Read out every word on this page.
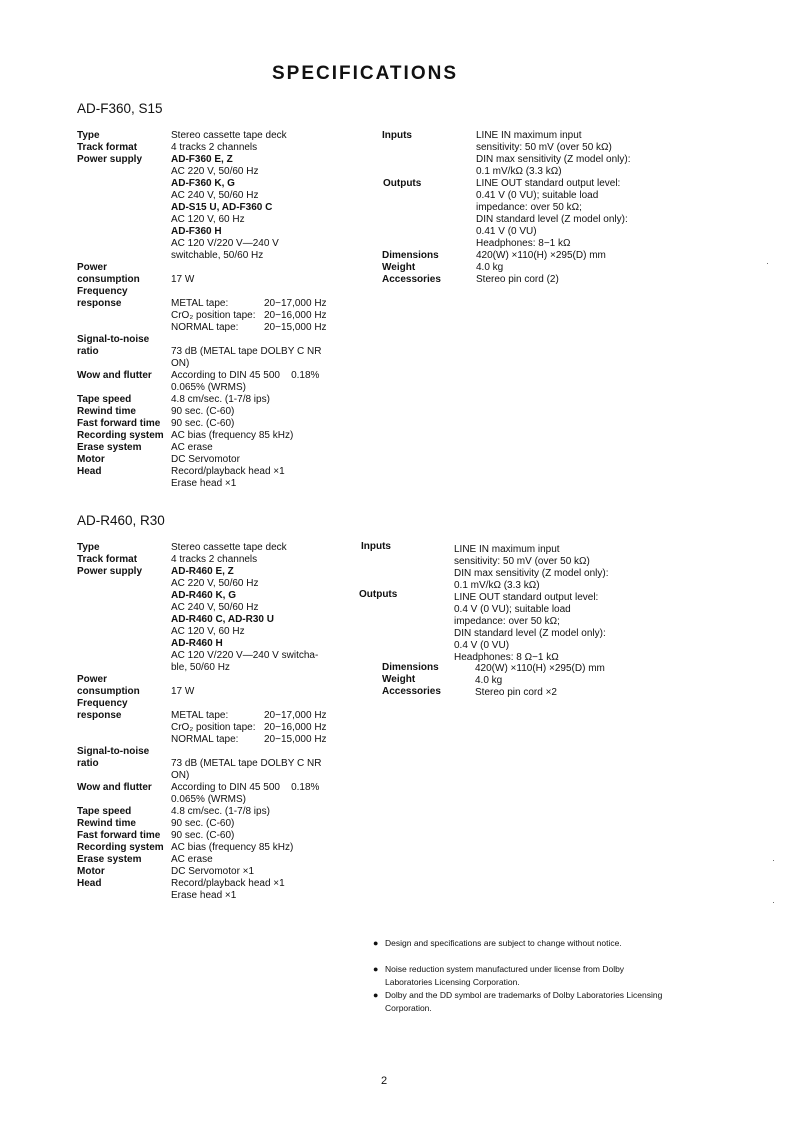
SPECIFICATIONS
AD-F360, S15
Type	Stereo cassette tape deck
Track format	4 tracks 2 channels
Power supply	AD-F360 E, Z
AC 220 V, 50/60 Hz
AD-F360 K, G
AC 240 V, 50/60 Hz
AD-S15 U, AD-F360 C
AC 120 V, 60 Hz
AD-F360 H
AC 120 V/220 V—240 V
switchable, 50/60 Hz
Power
consumption	17 W
Frequency
response	METAL tape:	20−17,000 Hz
CrO₂ position tape: 20−16,000 Hz
NORMAL tape:	20−15,000 Hz
Signal-to-noise
ratio	73 dB (METAL tape DOLBY C NR
ON)
Wow and flutter According to DIN 45 500    0.18%
0.065% (WRMS)
Tape speed	4.8 cm/sec. (1-7/8 ips)
Rewind time	90 sec. (C-60)
Fast forward time 90 sec. (C-60)
Recording system AC bias (frequency 85 kHz)
Erase system	AC erase
Motor	DC Servomotor
Head	Record/playback head ×1
Erase head ×1
Inputs	LINE IN maximum input
sensitivity: 50 mV (over 50 kΩ)
DIN max sensitivity (Z model only):
0.1 mV/kΩ (3.3 kΩ)
Outputs	LINE OUT standard output level:
0.41 V (0 VU); suitable load
impedance: over 50 kΩ;
DIN standard level (Z model only):
0.41 V (0 VU)
Headphones: 8−1 kΩ
Dimensions	420(W) ×110(H) ×295(D) mm
Weight	4.0 kg
Accessories	Stereo pin cord (2)
AD-R460, R30
Type	Stereo cassette tape deck
Track format	4 tracks 2 channels
Power supply	AD-R460 E, Z
AC 220 V, 50/60 Hz
AD-R460 K, G
AC 240 V, 50/60 Hz
AD-R460 C, AD-R30 U
AC 120 V, 60 Hz
AD-R460 H
AC 120 V/220 V—240 V switcha-
ble, 50/60 Hz
Power
consumption	17 W
Frequency
response	METAL tape:	20−17,000 Hz
CrO₂ position tape: 20−16,000 Hz
NORMAL tape:	20−15,000 Hz
Signal-to-noise
ratio	73 dB (METAL tape DOLBY C NR
ON)
Wow and flutter According to DIN 45 500    0.18%
0.065% (WRMS)
Tape speed	4.8 cm/sec. (1-7/8 ips)
Rewind time	90 sec. (C-60)
Fast forward time 90 sec. (C-60)
Recording system AC bias (frequency 85 kHz)
Erase system	AC erase
Motor	DC Servomotor ×1
Head	Record/playback head ×1
Erase head ×1
Inputs	LINE IN maximum input
sensitivity: 50 mV (over 50 kΩ)
DIN max sensitivity (Z model only):
0.1 mV/kΩ (3.3 kΩ)
Outputs	LINE OUT standard output level:
0.4 V (0 VU); suitable load
impedance: over 50 kΩ;
DIN standard level (Z model only):
0.4 V (0 VU)
Headphones: 8 Ω−1 kΩ
Dimensions	420(W) ×110(H) ×295(D) mm
Weight	4.0 kg
Accessories	Stereo pin cord ×2
● Design and specifications are subject to change without notice.
● Noise reduction system manufactured under license from Dolby Laboratories Licensing Corporation.
● Dolby and the DD symbol are trademarks of Dolby Laboratories Licensing Corporation.
2
·
·
·
